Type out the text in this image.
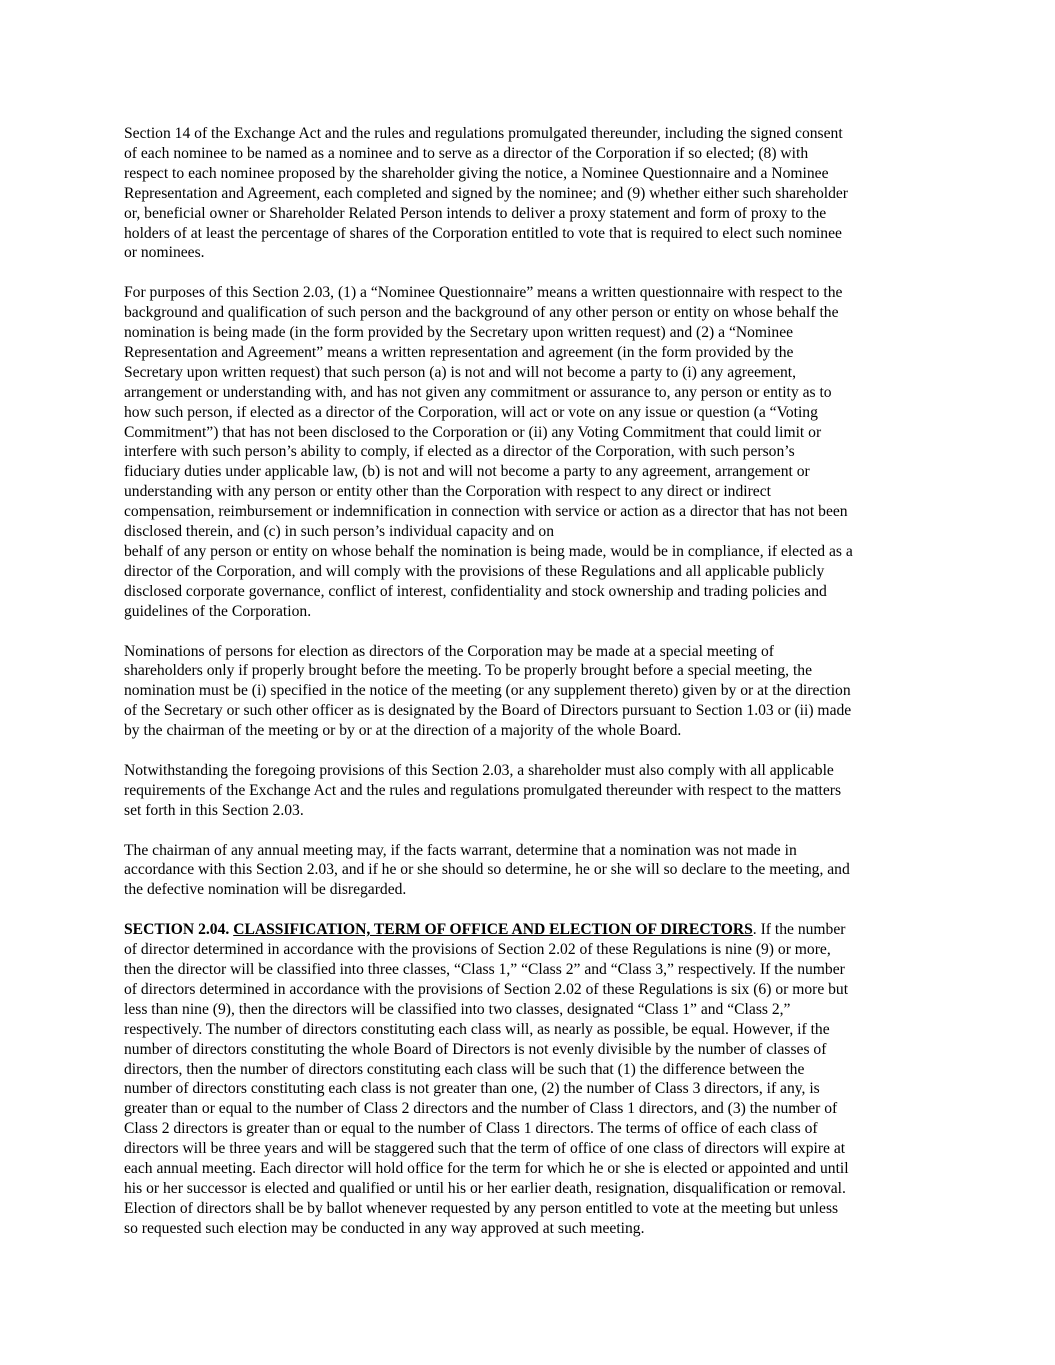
Section 14 of the Exchange Act and the rules and regulations promulgated thereunder, including the signed consent
of each nominee to be named as a nominee and to serve as a director of the Corporation if so elected; (8) with
respect to each nominee proposed by the shareholder giving the notice, a Nominee Questionnaire and a Nominee
Representation and Agreement, each completed and signed by the nominee; and (9) whether either such shareholder
or, beneficial owner or Shareholder Related Person intends to deliver a proxy statement and form of proxy to the
holders of at least the percentage of shares of the Corporation entitled to vote that is required to elect such nominee
or nominees.

For purposes of this Section 2.03, (1) a “Nominee Questionnaire” means a written questionnaire with respect to the
background and qualification of such person and the background of any other person or entity on whose behalf the
nomination is being made (in the form provided by the Secretary upon written request) and (2) a “Nominee
Representation and Agreement” means a written representation and agreement (in the form provided by the
Secretary upon written request) that such person (a) is not and will not become a party to (i) any agreement,
arrangement or understanding with, and has not given any commitment or assurance to, any person or entity as to
how such person, if elected as a director of the Corporation, will act or vote on any issue or question (a “Voting
Commitment”) that has not been disclosed to the Corporation or (ii) any Voting Commitment that could limit or
interfere with such person’s ability to comply, if elected as a director of the Corporation, with such person’s
fiduciary duties under applicable law, (b) is not and will not become a party to any agreement, arrangement or
understanding with any person or entity other than the Corporation with respect to any direct or indirect
compensation, reimbursement or indemnification in connection with service or action as a director that has not been
disclosed therein, and (c) in such person’s individual capacity and on
behalf of any person or entity on whose behalf the nomination is being made, would be in compliance, if elected as a
director of the Corporation, and will comply with the provisions of these Regulations and all applicable publicly
disclosed corporate governance, conflict of interest, confidentiality and stock ownership and trading policies and
guidelines of the Corporation.

Nominations of persons for election as directors of the Corporation may be made at a special meeting of
shareholders only if properly brought before the meeting. To be properly brought before a special meeting, the
nomination must be (i) specified in the notice of the meeting (or any supplement thereto) given by or at the direction
of the Secretary or such other officer as is designated by the Board of Directors pursuant to Section 1.03 or (ii) made
by the chairman of the meeting or by or at the direction of a majority of the whole Board.

Notwithstanding the foregoing provisions of this Section 2.03, a shareholder must also comply with all applicable
requirements of the Exchange Act and the rules and regulations promulgated thereunder with respect to the matters
set forth in this Section 2.03.

The chairman of any annual meeting may, if the facts warrant, determine that a nomination was not made in
accordance with this Section 2.03, and if he or she should so determine, he or she will so declare to the meeting, and
the defective nomination will be disregarded.

SECTION 2.04. CLASSIFICATION, TERM OF OFFICE AND ELECTION OF DIRECTORS. If the number
of director determined in accordance with the provisions of Section 2.02 of these Regulations is nine (9) or more,
then the director will be classified into three classes, “Class 1,” “Class 2” and “Class 3,” respectively. If the number
of directors determined in accordance with the provisions of Section 2.02 of these Regulations is six (6) or more but
less than nine (9), then the directors will be classified into two classes, designated “Class 1” and “Class 2,”
respectively. The number of directors constituting each class will, as nearly as possible, be equal. However, if the
number of directors constituting the whole Board of Directors is not evenly divisible by the number of classes of
directors, then the number of directors constituting each class will be such that (1) the difference between the
number of directors constituting each class is not greater than one, (2) the number of Class 3 directors, if any, is
greater than or equal to the number of Class 2 directors and the number of Class 1 directors, and (3) the number of
Class 2 directors is greater than or equal to the number of Class 1 directors. The terms of office of each class of
directors will be three years and will be staggered such that the term of office of one class of directors will expire at
each annual meeting. Each director will hold office for the term for which he or she is elected or appointed and until
his or her successor is elected and qualified or until his or her earlier death, resignation, disqualification or removal.
Election of directors shall be by ballot whenever requested by any person entitled to vote at the meeting but unless
so requested such election may be conducted in any way approved at such meeting.
